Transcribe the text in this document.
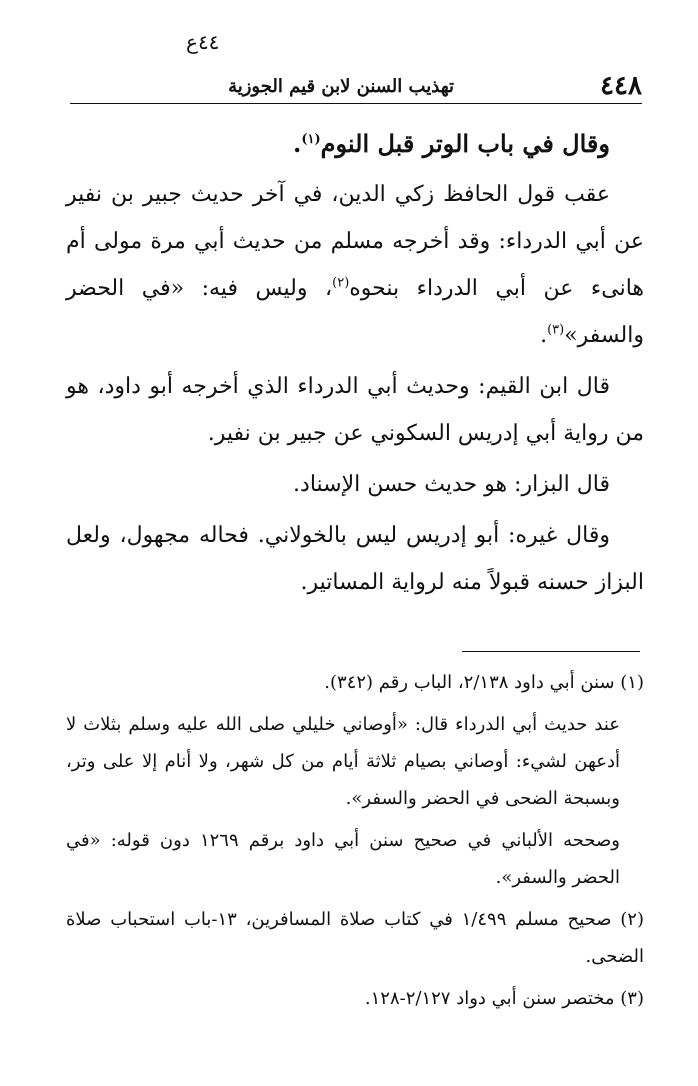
٤٤ع
٤٤٨
تهذيب السنن لابن قيم الجوزية

وقال في باب الوتر قبل النوم$^{(١)}$.

عقب قول الحافظ زكي الدين، في آخر حديث جبير بن نفير عن أبي الدرداء: وقد أخرجه مسلم من حديث أبي مرة مولى أم هانىء عن أبي الدرداء بنحوه$^{(٢)}$، وليس فيه: «في الحضر والسفر»$^{(٣)}$.

قال ابن القيم: وحديث أبي الدرداء الذي أخرجه أبو داود، هو من رواية أبي إدريس السكوني عن جبير بن نفير.

قال البزار: هو حديث حسن الإسناد.

وقال غيره: أبو إدريس ليس بالخولاني. فحاله مجهول، ولعل البزاز حسنه قبولاً منه لرواية المساتير.

(١) سنن أبي داود ٢/١٣٨، الباب رقم (٣٤٢).

عند حديث أبي الدرداء قال: «أوصاني خليلي صلى الله عليه وسلم بثلاث لا أدعهن لشيء: أوصاني بصيام ثلاثة أيام من كل شهر، ولا أنام إلا على وتر، وبسبحة الضحى في الحضر والسفر».

وصححه الألباني في صحيح سنن أبي داود برقم ١٢٦٩ دون قوله: «في الحضر والسفر».

(٢) صحيح مسلم ١/٤٩٩ في كتاب صلاة المسافرين، ١٣-باب استحباب صلاة الضحى.

(٣) مختصر سنن أبي دواد ٢/١٢٧-١٢٨.
